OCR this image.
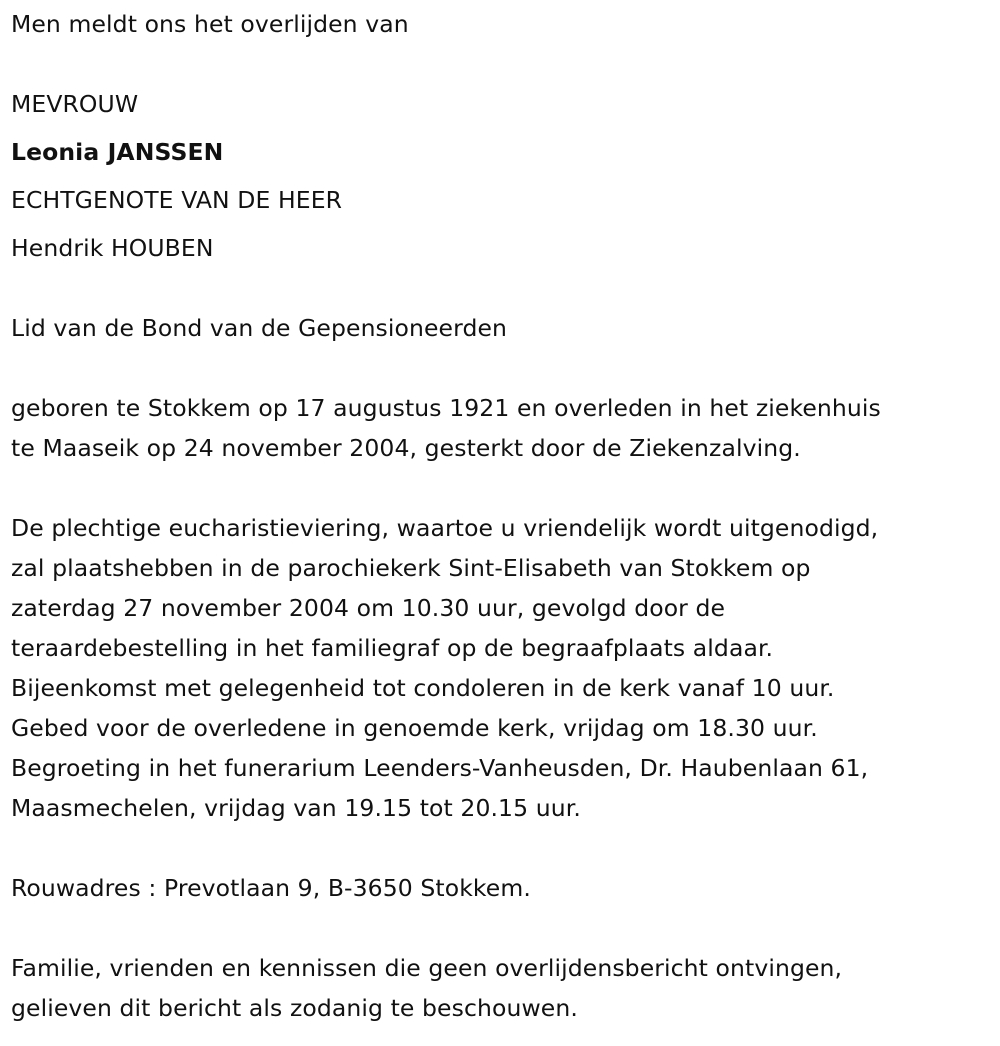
Men meldt ons het overlijden van
MEVROUW
Leonia JANSSEN
ECHTGENOTE VAN DE HEER
Hendrik HOUBEN
Lid van de Bond van de Gepensioneerden
geboren te Stokkem op 17 augustus 1921 en overleden in het ziekenhuis
te Maaseik op 24 november 2004, gesterkt door de Ziekenzalving.
De plechtige eucharistieviering, waartoe u vriendelijk wordt uitgenodigd,
zal plaatshebben in de parochiekerk Sint-Elisabeth van Stokkem op
zaterdag 27 november 2004 om 10.30 uur, gevolgd door de
teraardebestelling in het familiegraf op de begraafplaats aldaar.
Bijeenkomst met gelegenheid tot condoleren in de kerk vanaf 10 uur.
Gebed voor de overledene in genoemde kerk, vrijdag om 18.30 uur.
Begroeting in het funerarium Leenders-Vanheusden, Dr. Haubenlaan 61,
Maasmechelen, vrijdag van 19.15 tot 20.15 uur.
Rouwadres : Prevotlaan 9, B-3650 Stokkem.
Familie, vrienden en kennissen die geen overlijdensbericht ontvingen,
gelieven dit bericht als zodanig te beschouwen.
